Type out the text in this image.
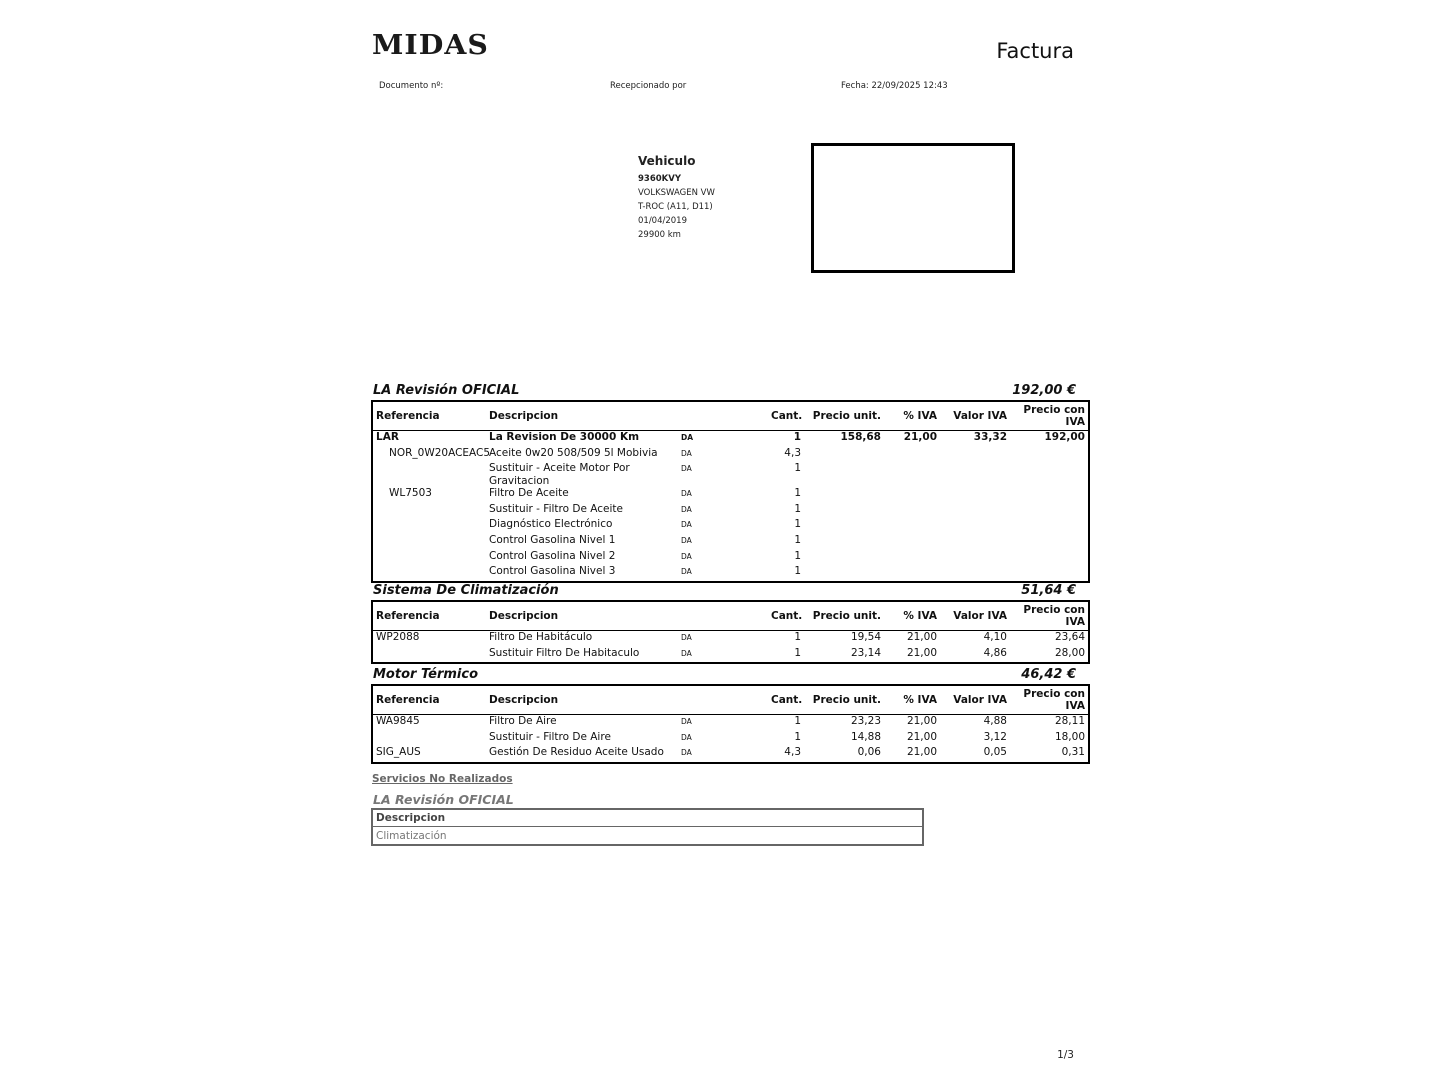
MIDAS	Factura
Documento nº:	Recepcionado por	Fecha: 22/09/2025 12:43
Vehiculo
9360KVY
VOLKSWAGEN VW
T-ROC (A11, D11)
01/04/2019
29900 km
LA Revisión OFICIAL	192,00 €
Referencia	Descripcion		Cant.	Precio unit.	% IVA	Valor IVA	Precio con IVA
LAR	La Revision De 30000 Km	DA	1	158,68	21,00	33,32	192,00
NOR_0W20ACEAC5	Aceite 0w20 508/509 5l Mobivia	DA	4,3				
	Sustituir - Aceite Motor Por Gravitacion	DA	1				
WL7503	Filtro De Aceite	DA	1				
	Sustituir - Filtro De Aceite	DA	1				
	Diagnóstico Electrónico	DA	1				
	Control Gasolina Nivel 1	DA	1				
	Control Gasolina Nivel 2	DA	1				
	Control Gasolina Nivel 3	DA	1				
Sistema De Climatización	51,64 €
Referencia	Descripcion		Cant.	Precio unit.	% IVA	Valor IVA	Precio con IVA
WP2088	Filtro De Habitáculo	DA	1	19,54	21,00	4,10	23,64
	Sustituir Filtro De Habitaculo	DA	1	23,14	21,00	4,86	28,00
Motor Térmico	46,42 €
Referencia	Descripcion		Cant.	Precio unit.	% IVA	Valor IVA	Precio con IVA
WA9845	Filtro De Aire	DA	1	23,23	21,00	4,88	28,11
	Sustituir - Filtro De Aire	DA	1	14,88	21,00	3,12	18,00
SIG_AUS	Gestión De Residuo Aceite Usado	DA	4,3	0,06	21,00	0,05	0,31
Servicios No Realizados
LA Revisión OFICIAL
Descripcion
Climatización
1/3
